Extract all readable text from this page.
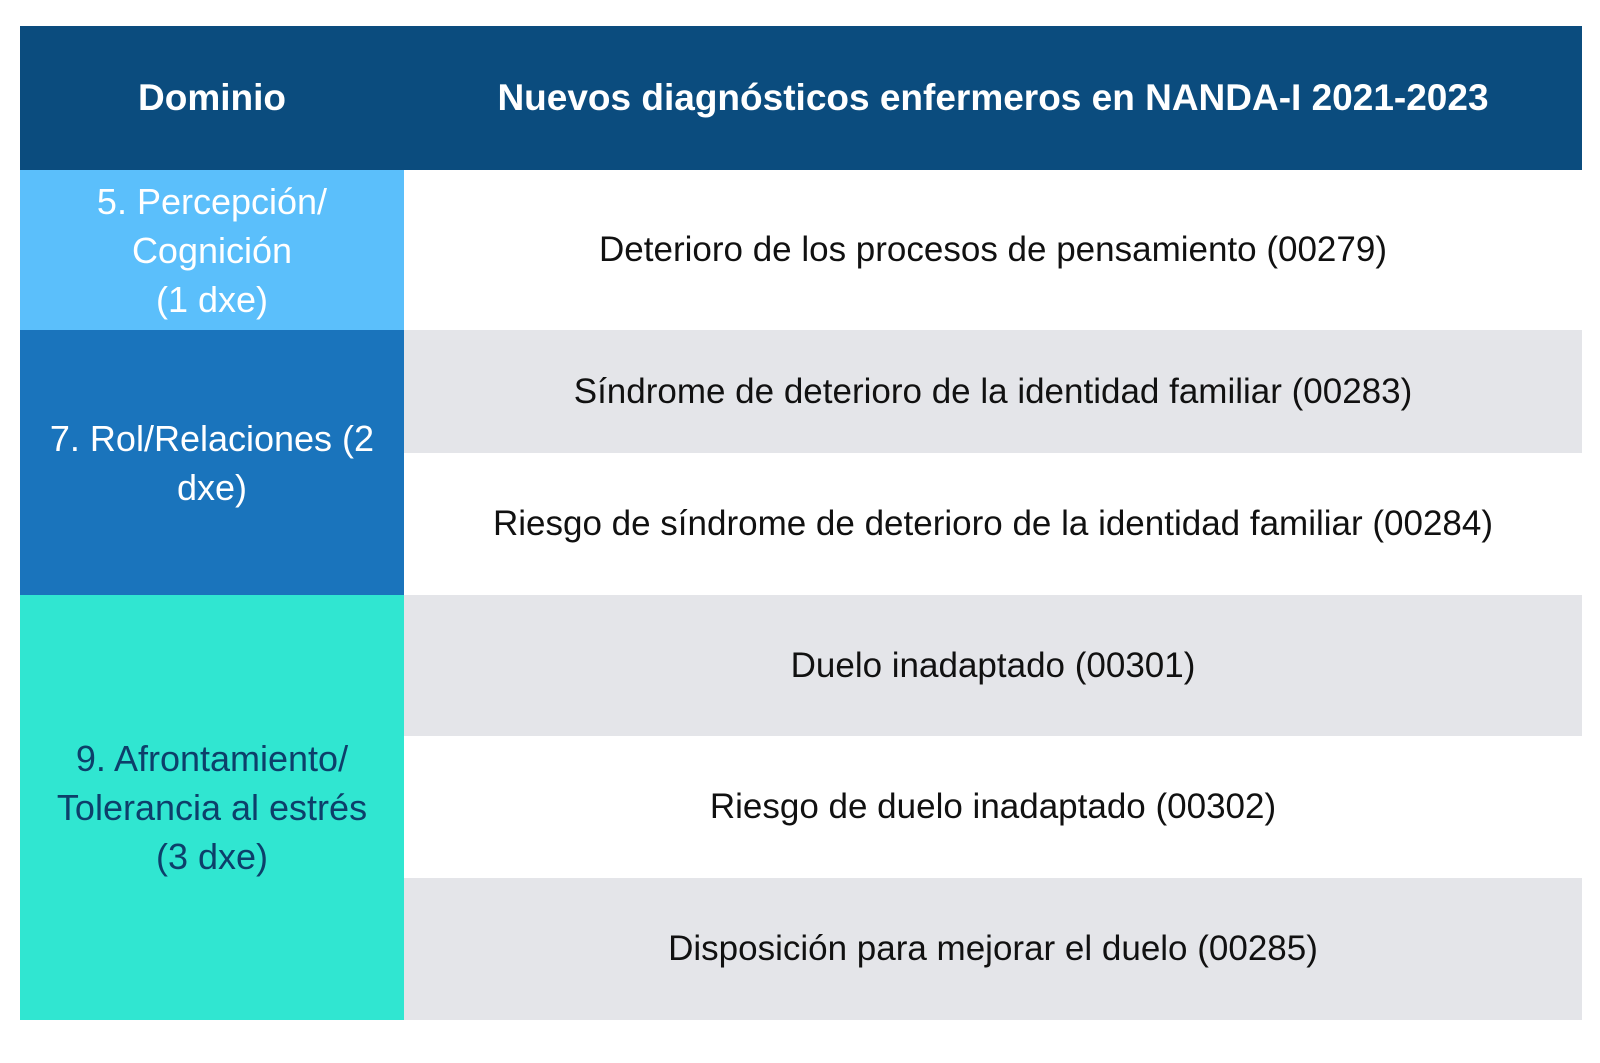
Dominio	Nuevos diagnósticos enfermeros en NANDA-I 2021-2023
5. Percepción/
Cognición
(1 dxe)
Deterioro de los procesos de pensamiento (00279)
7. Rol/Relaciones (2
dxe)
Síndrome de deterioro de la identidad familiar (00283)
Riesgo de síndrome de deterioro de la identidad familiar (00284)
9. Afrontamiento/
Tolerancia al estrés
(3 dxe)
Duelo inadaptado (00301)
Riesgo de duelo inadaptado (00302)
Disposición para mejorar el duelo (00285)
